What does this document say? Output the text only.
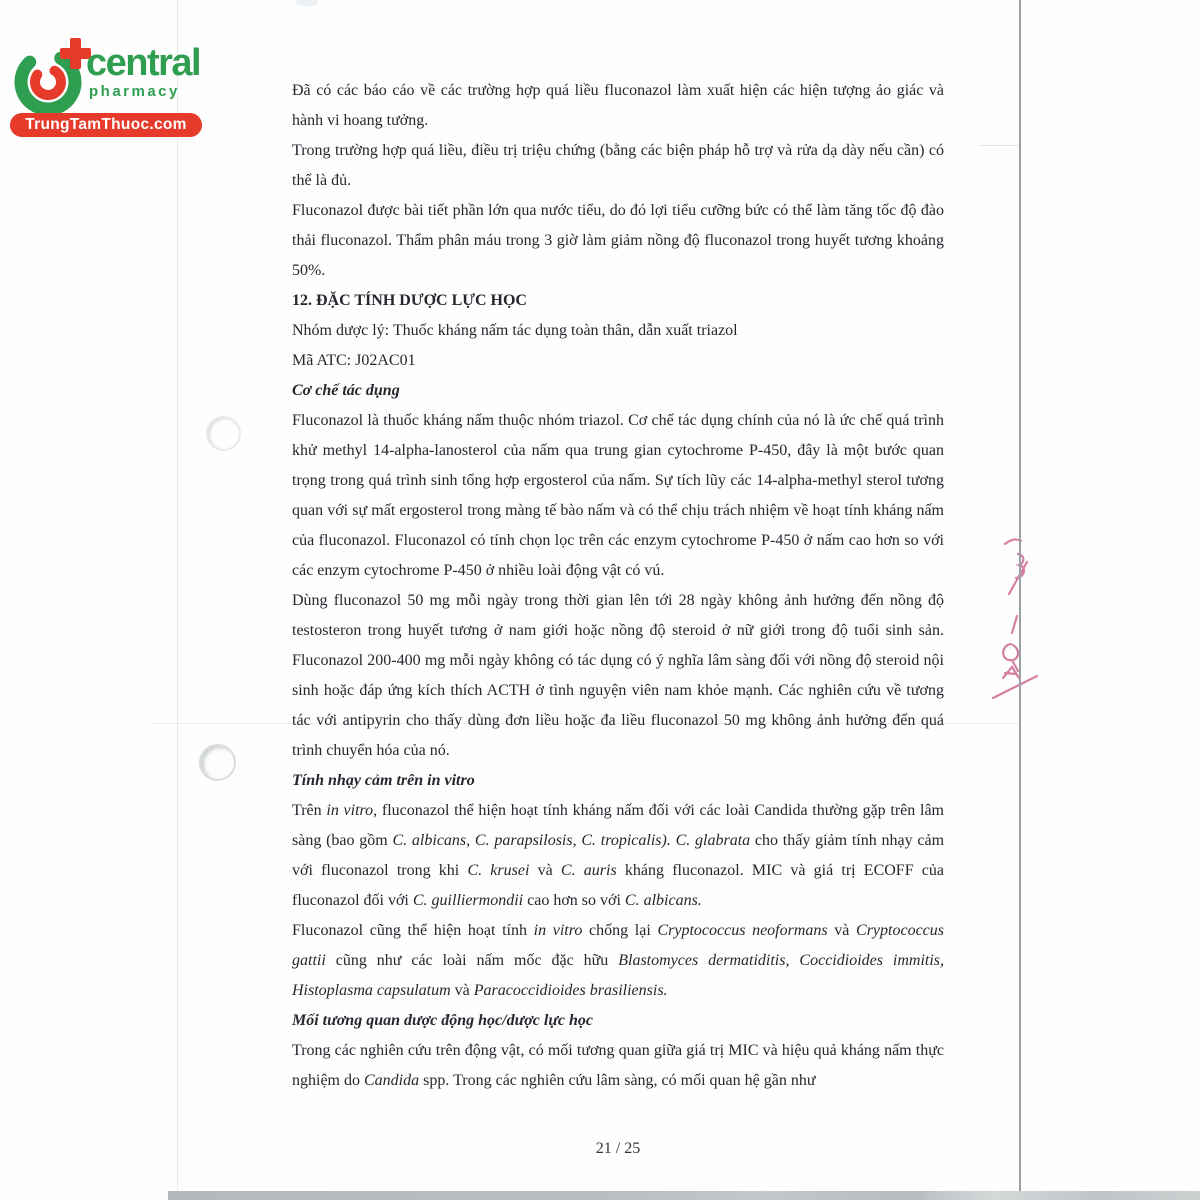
central
pharmacy
TrungTamThuoc.com

Đã có các báo cáo về các trường hợp quá liều fluconazol làm xuất hiện các hiện tượng ảo giác và hành vi hoang tưởng.

Trong trường hợp quá liều, điều trị triệu chứng (bằng các biện pháp hỗ trợ và rửa dạ dày nếu cần) có thể là đủ.

Fluconazol được bài tiết phần lớn qua nước tiểu, do đó lợi tiểu cưỡng bức có thể làm tăng tốc độ đào thải fluconazol. Thẩm phân máu trong 3 giờ làm giảm nồng độ fluconazol trong huyết tương khoảng 50%.

12. ĐẶC TÍNH DƯỢC LỰC HỌC

Nhóm dược lý: Thuốc kháng nấm tác dụng toàn thân, dẫn xuất triazol

Mã ATC: J02AC01

Cơ chế tác dụng

Fluconazol là thuốc kháng nấm thuộc nhóm triazol. Cơ chế tác dụng chính của nó là ức chế quá trình khử methyl 14-alpha-lanosterol của nấm qua trung gian cytochrome P-450, đây là một bước quan trọng trong quá trình sinh tổng hợp ergosterol của nấm. Sự tích lũy các 14-alpha-methyl sterol tương quan với sự mất ergosterol trong màng tế bào nấm và có thể chịu trách nhiệm về hoạt tính kháng nấm của fluconazol. Fluconazol có tính chọn lọc trên các enzym cytochrome P-450 ở nấm cao hơn so với các enzym cytochrome P-450 ở nhiều loài động vật có vú.

Dùng fluconazol 50 mg mỗi ngày trong thời gian lên tới 28 ngày không ảnh hưởng đến nồng độ testosteron trong huyết tương ở nam giới hoặc nồng độ steroid ở nữ giới trong độ tuổi sinh sản. Fluconazol 200-400 mg mỗi ngày không có tác dụng có ý nghĩa lâm sàng đối với nồng độ steroid nội sinh hoặc đáp ứng kích thích ACTH ở tình nguyện viên nam khỏe mạnh. Các nghiên cứu về tương tác với antipyrin cho thấy dùng đơn liều hoặc đa liều fluconazol 50 mg không ảnh hưởng đến quá trình chuyển hóa của nó.

Tính nhạy cảm trên in vitro

Trên in vitro, fluconazol thể hiện hoạt tính kháng nấm đối với các loài Candida thường gặp trên lâm sàng (bao gồm C. albicans, C. parapsilosis, C. tropicalis). C. glabrata cho thấy giảm tính nhạy cảm với fluconazol trong khi C. krusei và C. auris kháng fluconazol. MIC và giá trị ECOFF của fluconazol đối với C. guilliermondii cao hơn so với C. albicans.

Fluconazol cũng thể hiện hoạt tính in vitro chống lại Cryptococcus neoformans và Cryptococcus gattii cũng như các loài nấm mốc đặc hữu Blastomyces dermatiditis, Coccidioides immitis, Histoplasma capsulatum và Paracoccidioides brasiliensis.

Mối tương quan dược động học/dược lực học

Trong các nghiên cứu trên động vật, có mối tương quan giữa giá trị MIC và hiệu quả kháng nấm thực nghiệm do Candida spp. Trong các nghiên cứu lâm sàng, có mối quan hệ gần như

21 / 25
